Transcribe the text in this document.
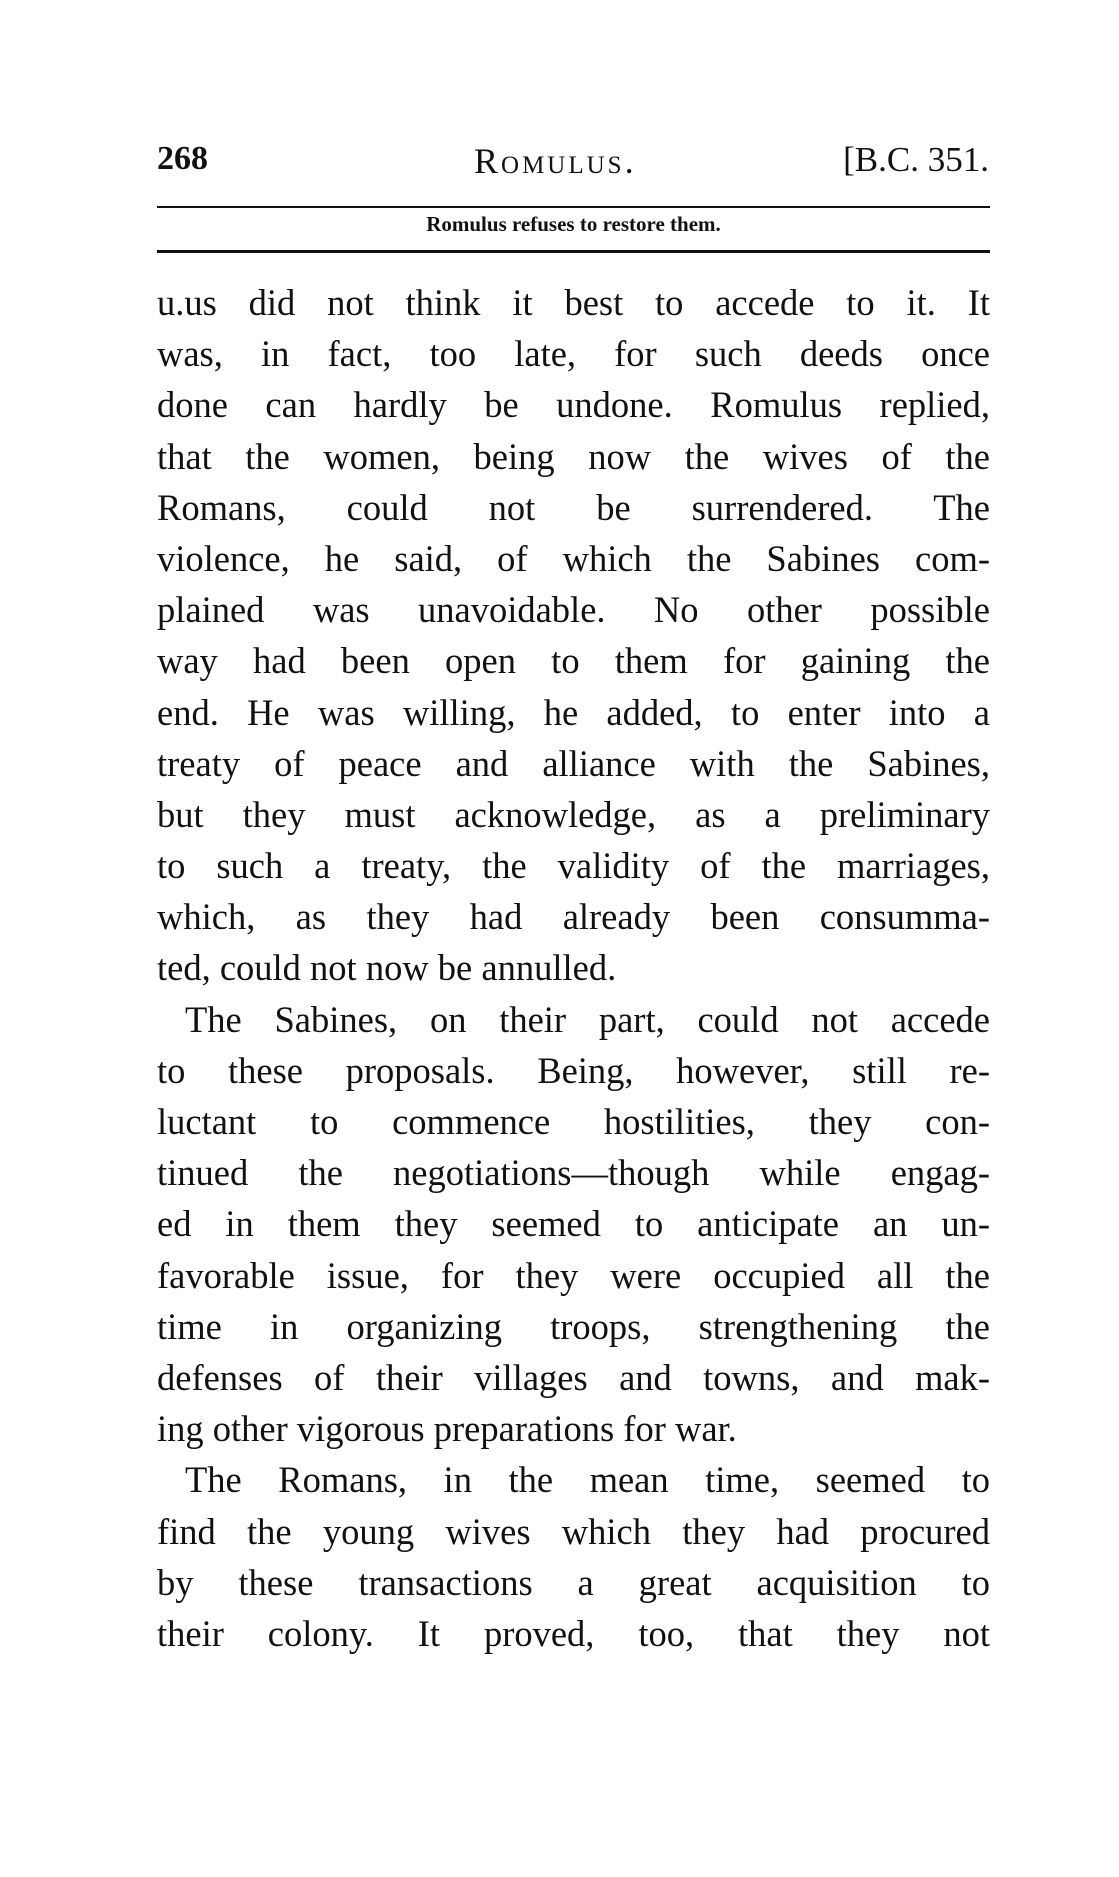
268	Romulus.	[B.C. 351.
Romulus refuses to restore them.
u.us did not think it best to accede to it. It
was, in fact, too late, for such deeds once
done can hardly be undone. Romulus replied,
that the women, being now the wives of the
Romans, could not be surrendered. The
violence, he said, of which the Sabines com-
plained was unavoidable. No other possible
way had been open to them for gaining the
end. He was willing, he added, to enter into a
treaty of peace and alliance with the Sabines,
but they must acknowledge, as a preliminary
to such a treaty, the validity of the marriages,
which, as they had already been consumma-
ted, could not now be annulled.
The Sabines, on their part, could not accede
to these proposals. Being, however, still re-
luctant to commence hostilities, they con-
tinued the negotiations—though while engag-
ed in them they seemed to anticipate an un-
favorable issue, for they were occupied all the
time in organizing troops, strengthening the
defenses of their villages and towns, and mak-
ing other vigorous preparations for war.
The Romans, in the mean time, seemed to
find the young wives which they had procured
by these transactions a great acquisition to
their colony. It proved, too, that they not
